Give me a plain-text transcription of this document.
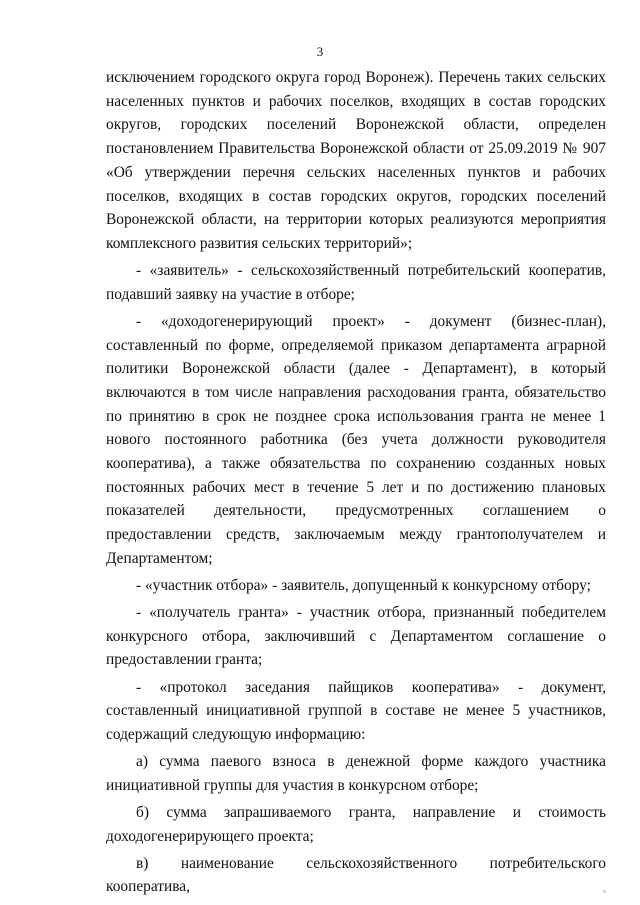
3

исключением городского округа город Воронеж). Перечень таких сельских населенных пунктов и рабочих поселков, входящих в состав городских округов, городских поселений Воронежской области, определен постановлением Правительства Воронежской области от 25.09.2019 № 907 «Об утверждении перечня сельских населенных пунктов и рабочих поселков, входящих в состав городских округов, городских поселений Воронежской области, на территории которых реализуются мероприятия комплексного развития сельских территорий»;

- «заявитель» - сельскохозяйственный потребительский кооператив, подавший заявку на участие в отборе;

- «доходогенерирующий проект» - документ (бизнес-план), составленный по форме, определяемой приказом департамента аграрной политики Воронежской области (далее - Департамент), в который включаются в том числе направления расходования гранта, обязательство по принятию в срок не позднее срока использования гранта не менее 1 нового постоянного работника (без учета должности руководителя кооператива), а также обязательства по сохранению созданных новых постоянных рабочих мест в течение 5 лет и по достижению плановых показателей деятельности, предусмотренных соглашением о предоставлении средств, заключаемым между грантополучателем и Департаментом;

- «участник отбора» - заявитель, допущенный к конкурсному отбору;

- «получатель гранта» - участник отбора, признанный победителем конкурсного отбора, заключивший с Департаментом соглашение о предоставлении гранта;

- «протокол заседания пайщиков кооператива» - документ, составленный инициативной группой в составе не менее 5 участников, содержащий следующую информацию:

а) сумма паевого взноса в денежной форме каждого участника инициативной группы для участия в конкурсном отборе;

б) сумма запрашиваемого гранта, направление и стоимость доходогенерирующего проекта;

в) наименование сельскохозяйственного потребительского кооператива,
